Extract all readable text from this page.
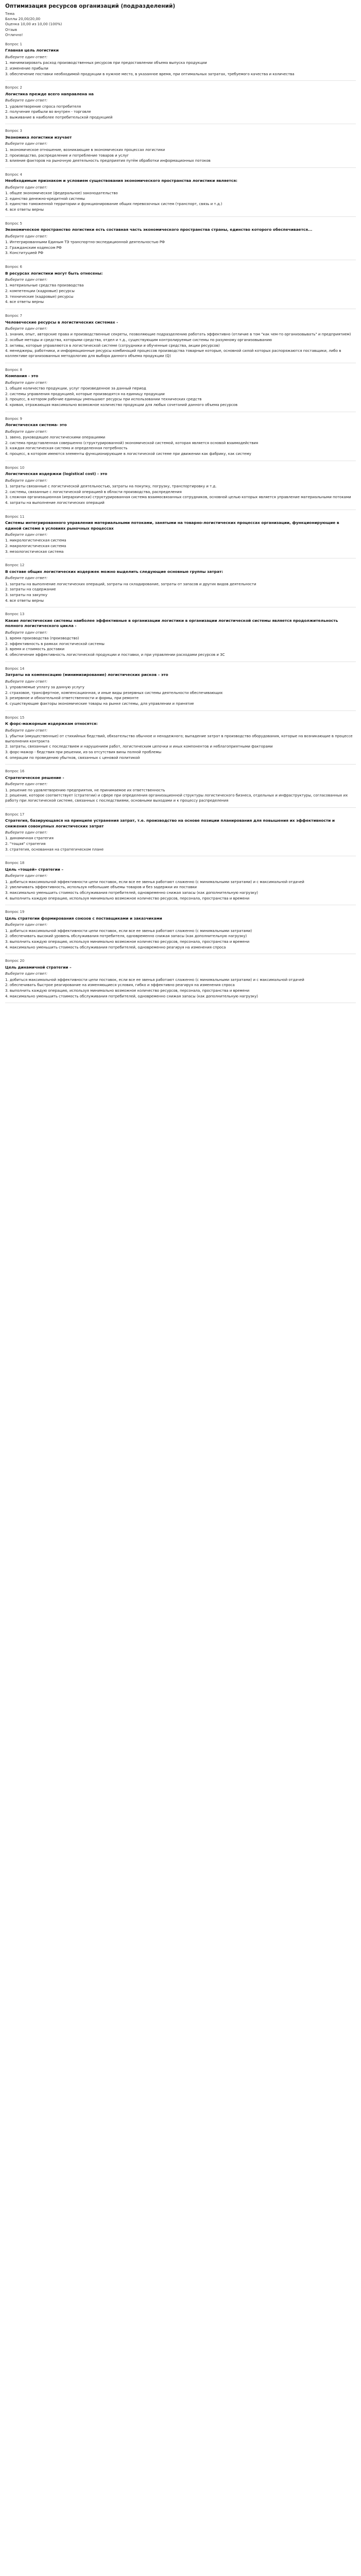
Оптимизация ресурсов организаций (подразделений)
Тема
Баллы 20,00/20,00
Оценка 10,00 из 10,00 (100%)
Отзыв
Отлично!
Вопрос 1
Главная цель логистики
Выберите один ответ:
1. минимизировать расход производственных ресурсов при предоставлении объема выпуска продукции
2. изменение прибыли
3. обеспечение поставки необходимой продукции в нужное место, в указанное время, при оптимальных затратах, требуемого качества и количества
Вопрос 2
Логистика прежде всего направлена на
Выберите один ответ:
1. удовлетворение спроса потребителя
2. получение прибыли во внутрен - торговле
3. выживание в наиболее потребительской продукцией
Вопрос 3
Экономика логистики изучает
Выберите один ответ:
1. экономическое отношение, возникающие в экономических процессах логистики
2. производство, распределение и потребление товаров и услуг
3. влияние факторов на рыночную деятельность предприятия путём обработки информационных потоков
Вопрос 4
Необходимым признаком и условием существования экономического пространства логистики является:
Выберите один ответ:
1. общее экономическое (федеральное) законодательство
2. единство денежно-кредитной системы
3. единство таможенной территории и функционирование общих перевозочных систем (транспорт, связь и т.д.)
4. все ответы верны
Вопрос 5
Экономическое пространство логистики есть составная часть экономического пространства страны, единство которого обеспечивается...
Выберите один ответ:
1. Интегрированными Единым ТЭ транспортно-экспедиционной деятельностью РФ
2. Гражданским кодексом РФ
3. Конституцией РФ
Вопрос 6
В ресурсах логистики могут быть отнесены:
Выберите один ответ:
1. материальные средства производства
2. компетенции (кадровые) ресурсы
3. технические (кадровые) ресурсы
4. все ответы верны
Вопрос 7
Человеческие ресурсы в логистических системах -
Выберите один ответ:
1. знания, опыт, авторские права и производственные секреты, позволяющие подразделению работать эффективно (отличие в том "как чем-то организовывать" и предприятием)
2. особые методы и средства, которыми средства, отдел и т.д., существующим контролируемые системы по разумному организовыванию
3. активы, которые управляются в логистической системе (сотрудники и обученные средства, акции ресурсов)
4. менеджеры, работники, и информационные ресурсы комбинаций процессов производства товарные которые, основной силой которых распоряжаются поставщики, либо в коллективе организованных методологию для выбора данного объема продукции (Q)
Вопрос 8
Компания - это
Выберите один ответ:
1. общее количество продукции, услуг произведенное за данный период
2. системы управления продукцией, которые производятся на единицу продукции
3. процесс, в котором рабочие единицы уменьшают ресурсы при использовании технических средств
4. кривая, отражающая максимально возможное количество продукции для любых сочетаний данного объема ресурсов
Вопрос 9
Логистическая система- это
Выберите один ответ:
1. звено, руководящее логистическими операциями
2. система представленная совершенно (структурированной) экономической системой, которая является основой взаимодействия
3. каждая логистическая система и определенная потребность
4. процесс, в котором имеются элементы функционирующие в логистической системе при движении как фабрику, как систему
Вопрос 10
Логистическая издержки (logistical cost) - это
Выберите один ответ:
1. затраты связанные с логистической деятельностью, затраты на покупку, погрузку, транспортировку и т.д.
2. системы, связанные с логистической операцией в области производства, распределения
3. сложная организационная (иерархически) структурированная система взаимосвязанных сотрудников, основной целью которых является управление материальными потоками
4. затраты на выполнение логистических операций
Вопрос 11
Системы интегрированного управления материальными потоками, занятыми на товарно-логистических процессах организации, функционирующие в единой системе в условиях рыночных процессах
Выберите один ответ:
1. микрологистическая система
2. макрологистическая система
3. мезологистическая система
Вопрос 12
В составе общих логистических издержек можно выделить следующие основные группы затрат:
Выберите один ответ:
1. затраты на выполнение логистических операций, затраты на складирование, затраты от запасов и других видов деятельности
2. затраты на содержание
3. затраты на закупку
4. все ответы верны
Вопрос 13
Какие логистические системы наиболее эффективные в организации логистики в организации логистической системы является продолжительность полного логистического цикла -
Выберите один ответ:
1. время производства (производство)
2. эффективность в рамках логистической системы
3. время и стоимость доставки
4. обеспечение эффективность логистической продукции и поставки, и при управлении расходами ресурсов и ЗС
Вопрос 14
Затраты на компенсацию (минимизирование) логистических рисков – это
Выберите один ответ:
1. управляемые уплату за данную услугу
2. страховое, трансфертное, компенсационная, и иные виды резервных системы деятельности обеспечивающих
3. резервное и обязательной ответственности и формы, при ремонте
4. существующие факторы экономические товары на рынке системы, для управлении и принятие
Вопрос 15
К форс-мажорным издержкам относятся:
Выберите один ответ:
1. убытки (имущественные) от стихийных бедствий, обязательство обычное и ненадежного; выпадение затрат в производство оборудования, которые на возникающие в процессе выполнения контракта
2. затраты, связанные с последствием и нарушением работ, логистическим цепочки и иных компонентов и неблагоприятными факторами
3. форс-мажор - бедствия при решении, из-за отсутствия вины полной проблемы
4. операции по проведению убытков, связанных с ценовой политикой
Вопрос 16
Стратегическое решение -
Выберите один ответ:
1. решение по удовлетворению предприятия, не принимаемое их ответственность
2. решение, которое соответствует (стратегии) и сфере при определения организационной структуры логистического бизнеса, отдельных и инфраструктуры, согласованных их работу при логистической системе, связанных с последствиями, основными выходами и к процессу распределения
Вопрос 17
Стратегия, базирующаяся на принципе устранения затрат, т.е. производство на основе позиции планирования для повышения их эффективности и снижения совокупных логистических затрат
Выберите один ответ:
1. динамичная стратегия
2. "тощая" стратегия
3. стратегия, основанная на стратегическом плане
Вопрос 18
Цель «тощей» стратегии –
Выберите один ответ:
1. добиться максимальной эффективности цепи поставок, если все ее звенья работают слаженно (с минимальными затратами) и с максимальной отдачей
2. увеличивать эффективность, используя небольшие объемы товаров и без задержки их поставки
3. максимально уменьшить стоимость обслуживания потребителей, одновременно снижая запасы (как дополнительную нагрузку)
4. выполнить каждую операцию, используя минимально возможное количество ресурсов, персонала, пространства и времени
Вопрос 19
Цель стратегии формирования союзов с поставщиками и заказчиками
Выберите один ответ:
1. добиться максимальной эффективности цепи поставок, если все ее звенья работают слаженно (с минимальными затратами)
2. обеспечивать высокий уровень обслуживания потребителя, одновременно снижая запасы (как дополнительную нагрузку)
3. выполнить каждую операцию, используя минимально возможное количество ресурсов, персонала, пространства и времени
4. максимально уменьшить стоимость обслуживания потребителей, одновременно реагируя на изменения спроса
Вопрос 20
Цель динамичной стратегии –
Выберите один ответ:
1. добиться максимальной эффективности цепи поставок, если все ее звенья работают слаженно (с минимальными затратами) и с максимальной отдачей
2. обеспечивать быстрое реагирование на изменяющиеся условия, гибко и эффективно реагируя на изменения спроса
3. выполнить каждую операцию, используя минимально возможное количество ресурсов, персонала, пространства и времени
4. максимально уменьшить стоимость обслуживания потребителей, одновременно снижая запасы (как дополнительную нагрузку)
